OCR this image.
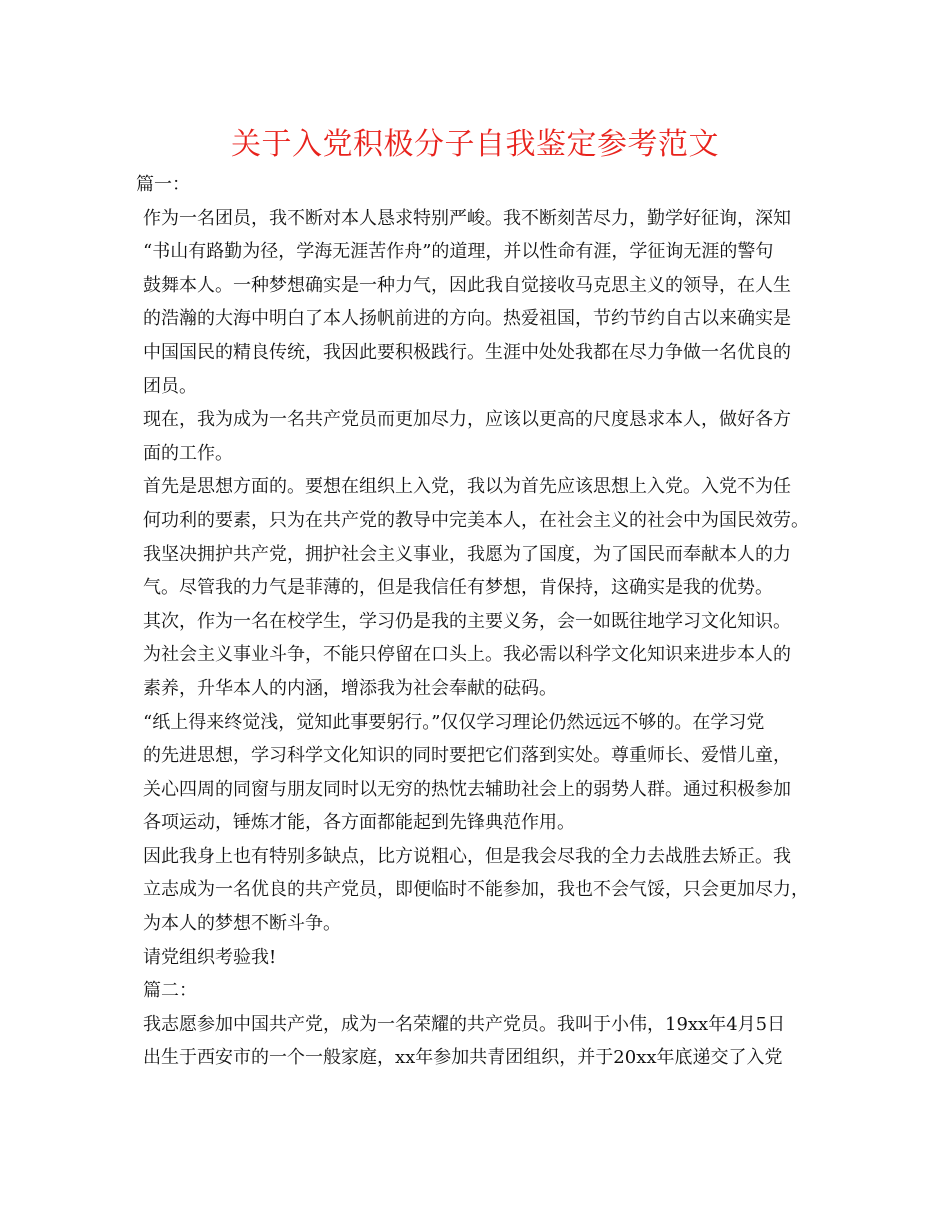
关于入党积极分子自我鉴定参考范文
篇一：
作为一名团员，我不断对本人恳求特别严峻。我不断刻苦尽力，勤学好征询，深知
“书山有路勤为径，学海无涯苦作舟”的道理，并以性命有涯，学征询无涯的警句
鼓舞本人。一种梦想确实是一种力气，因此我自觉接收马克思主义的领导，在人生
的浩瀚的大海中明白了本人扬帆前进的方向。热爱祖国，节约节约自古以来确实是
中国国民的精良传统，我因此要积极践行。生涯中处处我都在尽力争做一名优良的
团员。
现在，我为成为一名共产党员而更加尽力，应该以更高的尺度恳求本人，做好各方
面的工作。
首先是思想方面的。要想在组织上入党，我以为首先应该思想上入党。入党不为任
何功利的要素，只为在共产党的教导中完美本人，在社会主义的社会中为国民效劳。
我坚决拥护共产党，拥护社会主义事业，我愿为了国度，为了国民而奉献本人的力
气。尽管我的力气是菲薄的，但是我信任有梦想，肯保持，这确实是我的优势。
其次，作为一名在校学生，学习仍是我的主要义务，会一如既往地学习文化知识。
为社会主义事业斗争，不能只停留在口头上。我必需以科学文化知识来进步本人的
素养，升华本人的内涵，增添我为社会奉献的砝码。
“纸上得来终觉浅，觉知此事要躬行。”仅仅学习理论仍然远远不够的。在学习党
的先进思想，学习科学文化知识的同时要把它们落到实处。尊重师长、爱惜儿童，
关心四周的同窗与朋友同时以无穷的热忱去辅助社会上的弱势人群。通过积极参加
各项运动，锤炼才能，各方面都能起到先锋典范作用。
因此我身上也有特别多缺点，比方说粗心，但是我会尽我的全力去战胜去矫正。我
立志成为一名优良的共产党员，即便临时不能参加，我也不会气馁，只会更加尽力，
为本人的梦想不断斗争。
请党组织考验我!
篇二：
我志愿参加中国共产党，成为一名荣耀的共产党员。我叫于小伟，19xx年4月5日
出生于西安市的一个一般家庭，xx年参加共青团组织，并于20xx年底递交了入党
